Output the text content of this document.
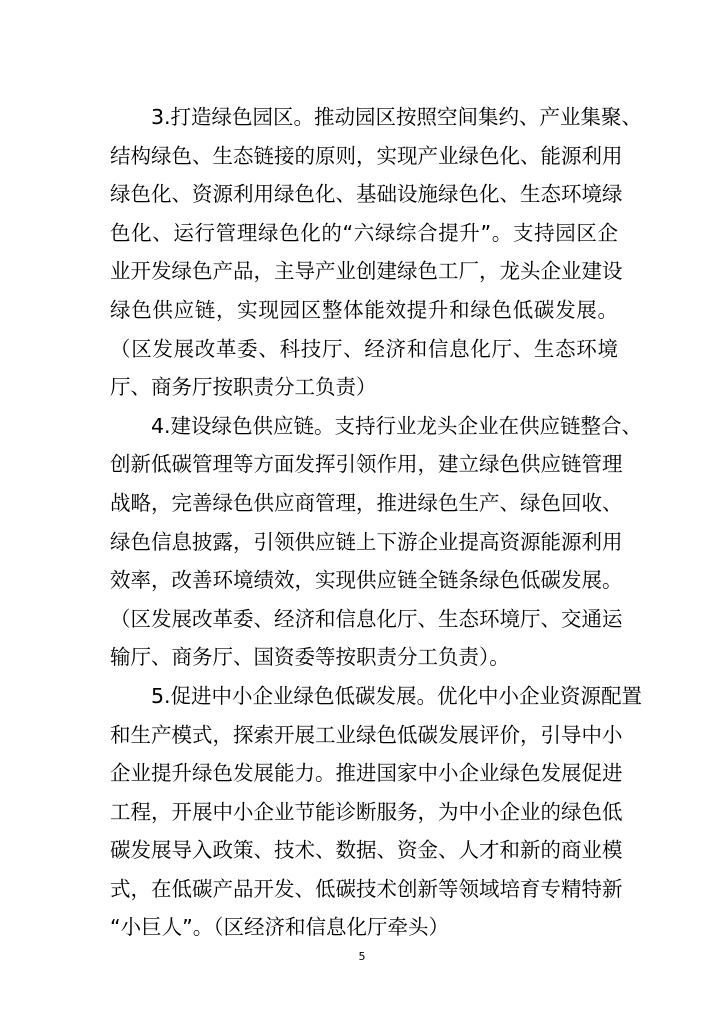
3.打造绿色园区。推动园区按照空间集约、产业集聚、
结构绿色、生态链接的原则，实现产业绿色化、能源利用
绿色化、资源利用绿色化、基础设施绿色化、生态环境绿
色化、运行管理绿色化的“六绿综合提升”。支持园区企
业开发绿色产品，主导产业创建绿色工厂，龙头企业建设
绿色供应链，实现园区整体能效提升和绿色低碳发展。
（区发展改革委、科技厅、经济和信息化厅、生态环境
厅、商务厅按职责分工负责）
4.建设绿色供应链。支持行业龙头企业在供应链整合、
创新低碳管理等方面发挥引领作用，建立绿色供应链管理
战略，完善绿色供应商管理，推进绿色生产、绿色回收、
绿色信息披露，引领供应链上下游企业提高资源能源利用
效率，改善环境绩效，实现供应链全链条绿色低碳发展。
（区发展改革委、经济和信息化厅、生态环境厅、交通运
输厅、商务厅、国资委等按职责分工负责）。
5.促进中小企业绿色低碳发展。优化中小企业资源配置
和生产模式，探索开展工业绿色低碳发展评价，引导中小
企业提升绿色发展能力。推进国家中小企业绿色发展促进
工程，开展中小企业节能诊断服务，为中小企业的绿色低
碳发展导入政策、技术、数据、资金、人才和新的商业模
式，在低碳产品开发、低碳技术创新等领域培育专精特新
“小巨人”。（区经济和信息化厅牵头）
5
